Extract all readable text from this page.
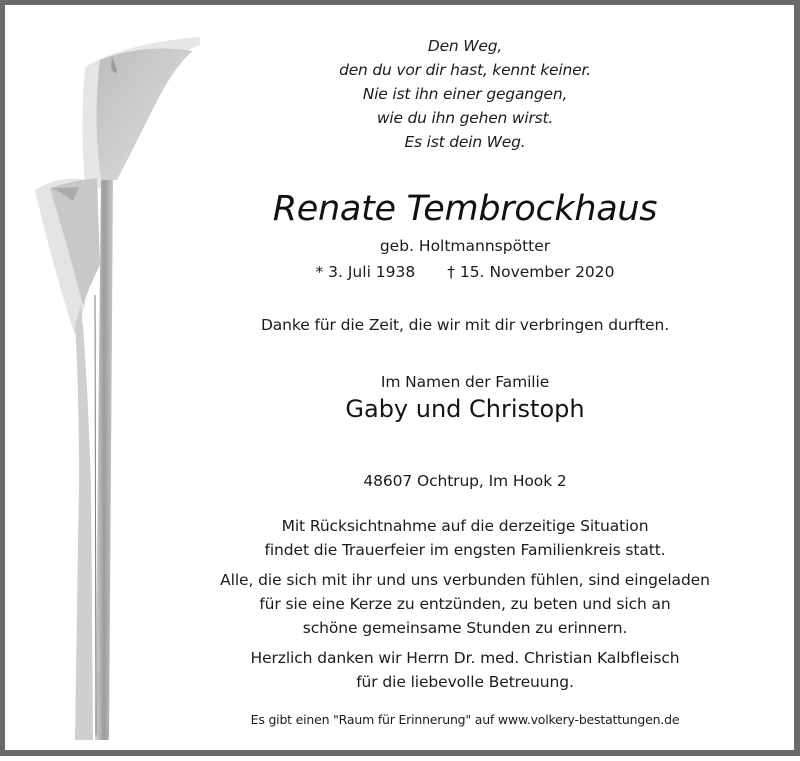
Den Weg,
den du vor dir hast, kennt keiner.
Nie ist ihn einer gegangen,
wie du ihn gehen wirst.
Es ist dein Weg.
Renate Tembrockhaus
geb. Holtmannspötter
* 3. Juli 1938 † 15. November 2020
Danke für die Zeit, die wir mit dir verbringen durften.
Im Namen der Familie
Gaby und Christoph
48607 Ochtrup, Im Hook 2
Mit Rücksichtnahme auf die derzeitige Situation
findet die Trauerfeier im engsten Familienkreis statt.
Alle, die sich mit ihr und uns verbunden fühlen, sind eingeladen
für sie eine Kerze zu entzünden, zu beten und sich an
schöne gemeinsame Stunden zu erinnern.
Herzlich danken wir Herrn Dr. med. Christian Kalbfleisch
für die liebevolle Betreuung.
Es gibt einen "Raum für Erinnerung" auf www.volkery-bestattungen.de
